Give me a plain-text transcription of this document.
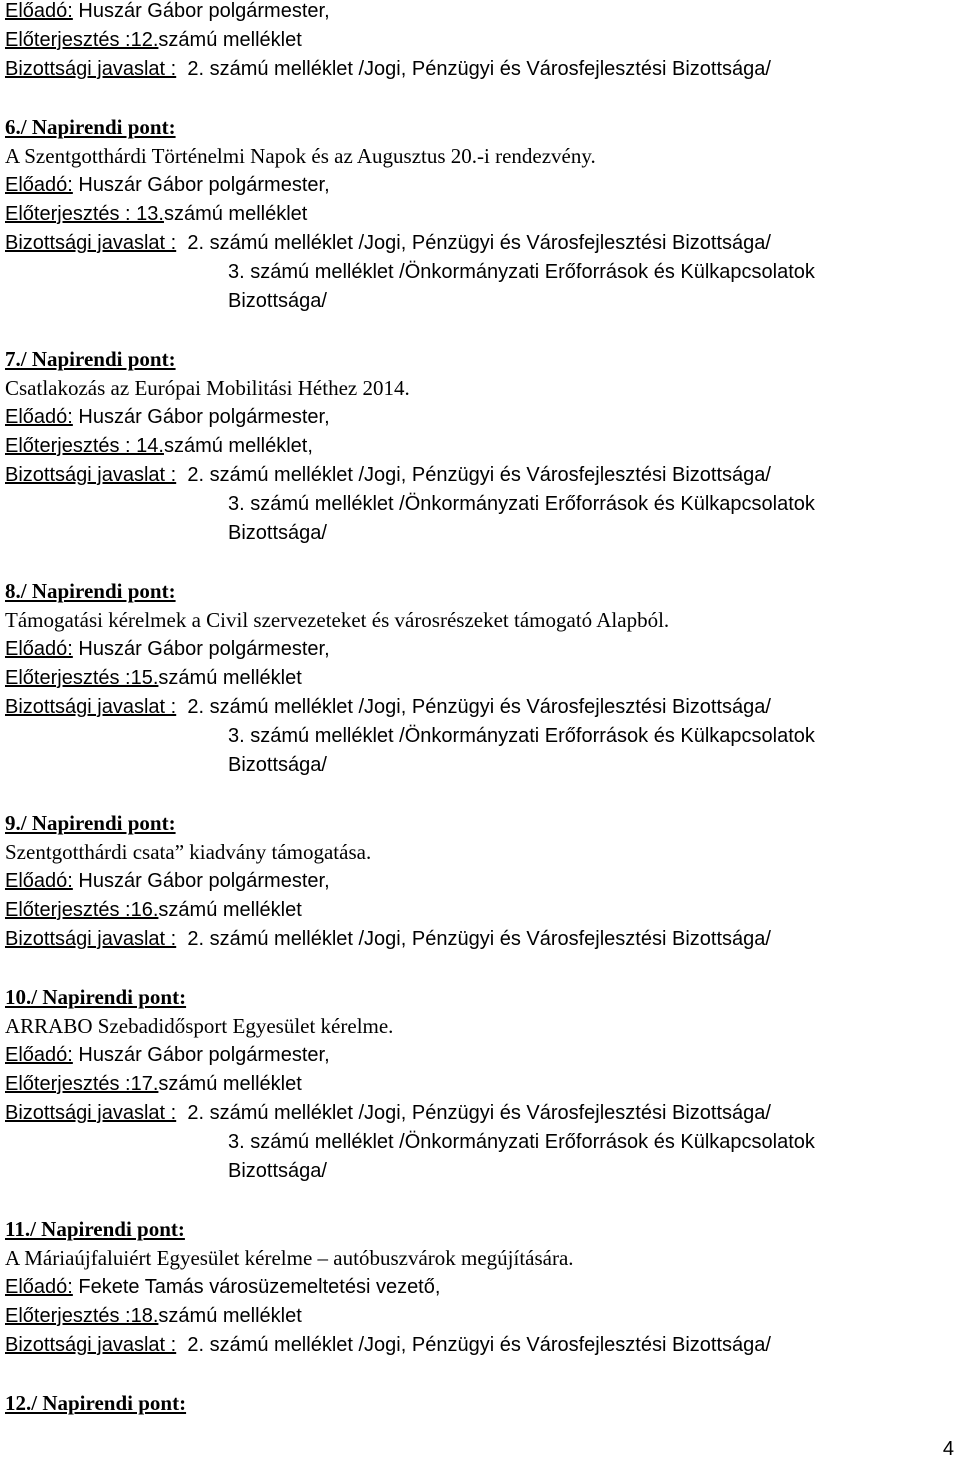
Előadó: Huszár Gábor polgármester,
Előterjesztés :12.számú melléklet
Bizottsági javaslat : 2. számú melléklet /Jogi, Pénzügyi és Városfejlesztési Bizottsága/
6./ Napirendi pont:
A Szentgotthárdi Történelmi Napok és az Augusztus 20.-i rendezvény.
Előadó: Huszár Gábor polgármester,
Előterjesztés : 13.számú melléklet
Bizottsági javaslat : 2. számú melléklet /Jogi, Pénzügyi és Városfejlesztési Bizottsága/
3. számú melléklet /Önkormányzati Erőforrások és Külkapcsolatok
Bizottsága/
7./ Napirendi pont:
Csatlakozás az Európai Mobilitási Héthez 2014.
Előadó: Huszár Gábor polgármester,
Előterjesztés : 14.számú melléklet,
Bizottsági javaslat : 2. számú melléklet /Jogi, Pénzügyi és Városfejlesztési Bizottsága/
3. számú melléklet /Önkormányzati Erőforrások és Külkapcsolatok
Bizottsága/
8./ Napirendi pont:
Támogatási kérelmek a Civil szervezeteket és városrészeket támogató Alapból.
Előadó: Huszár Gábor polgármester,
Előterjesztés :15.számú melléklet
Bizottsági javaslat : 2. számú melléklet /Jogi, Pénzügyi és Városfejlesztési Bizottsága/
3. számú melléklet /Önkormányzati Erőforrások és Külkapcsolatok
Bizottsága/
9./ Napirendi pont:
Szentgotthárdi csata” kiadvány támogatása.
Előadó: Huszár Gábor polgármester,
Előterjesztés :16.számú melléklet
Bizottsági javaslat : 2. számú melléklet /Jogi, Pénzügyi és Városfejlesztési Bizottsága/
10./ Napirendi pont:
ARRABO Szebadidősport Egyesület kérelme.
Előadó: Huszár Gábor polgármester,
Előterjesztés :17.számú melléklet
Bizottsági javaslat : 2. számú melléklet /Jogi, Pénzügyi és Városfejlesztési Bizottsága/
3. számú melléklet /Önkormányzati Erőforrások és Külkapcsolatok
Bizottsága/
11./ Napirendi pont:
A Máriaújfaluiért Egyesület kérelme – autóbuszvárok megújítására.
Előadó: Fekete Tamás városüzemeltetési vezető,
Előterjesztés :18.számú melléklet
Bizottsági javaslat : 2. számú melléklet /Jogi, Pénzügyi és Városfejlesztési Bizottsága/
12./ Napirendi pont:
4
